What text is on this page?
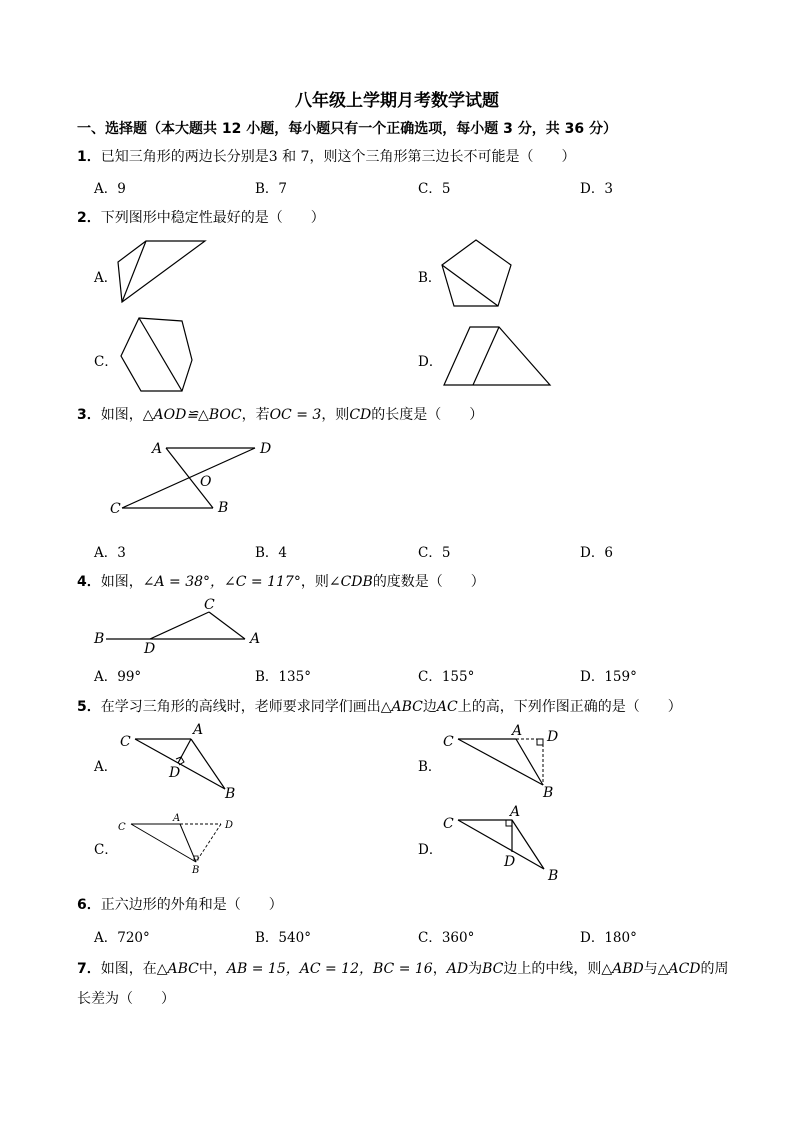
八年级上学期月考数学试题
一、选择题（本大题共 12 小题，每小题只有一个正确选项，每小题 3 分，共 36 分）
1．已知三角形的两边长分别是3 和 7，则这个三角形第三边长不可能是（　　）
A．9	B．7	C．5	D．3
2．下列图形中稳定性最好的是（　　）
A．	B．
C．	D．
3．如图，△AOD≌△BOC，若OC = 3，则CD的长度是（　　）
A	D
O
C	B
A．3	B．4	C．5	D．6
4．如图，∠A = 38°，∠C = 117°，则∠CDB的度数是（　　）
B
D
C
A
A．99°	B．135°	C．155°	D．159°
5．在学习三角形的高线时，老师要求同学们画出△ABC边AC上的高，下列作图正确的是（　　）
A．	B．
C．	D．
C
A
D
B
C
A D
B
C
A
D
B
C
A
D
B
6．正六边形的外角和是（　　）
A．720°	B．540°	C．360°	D．180°
7．如图，在△ABC中，AB = 15，AC = 12，BC = 16，AD为BC边上的中线，则△ABD与△ACD的周
长差为（　　）
